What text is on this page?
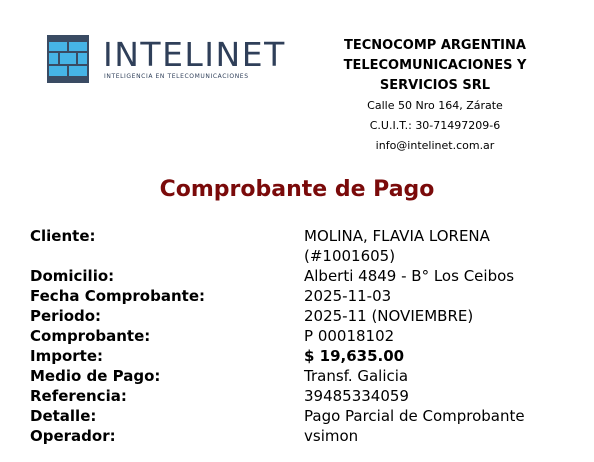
INTELINET
INTELIGENCIA EN TELECOMUNICACIONES

TECNOCOMP ARGENTINA

TELECOMUNICACIONES Y

SERVICIOS SRL

Calle 50 Nro 164, Zárate

C.U.I.T.: 30-71497209-6

info@intelinet.com.ar

Comprobante de Pago
Cliente:	MOLINA, FLAVIA LORENA
(#1001605)
Domicilio:	Alberti 4849 - B° Los Ceibos
Fecha Comprobante:	2025-11-03
Periodo:	2025-11 (NOVIEMBRE)
Comprobante:	P 00018102
Importe:	$ 19,635.00
Medio de Pago:	Transf. Galicia
Referencia:	39485334059
Detalle:	Pago Parcial de Comprobante
Operador:	vsimon
